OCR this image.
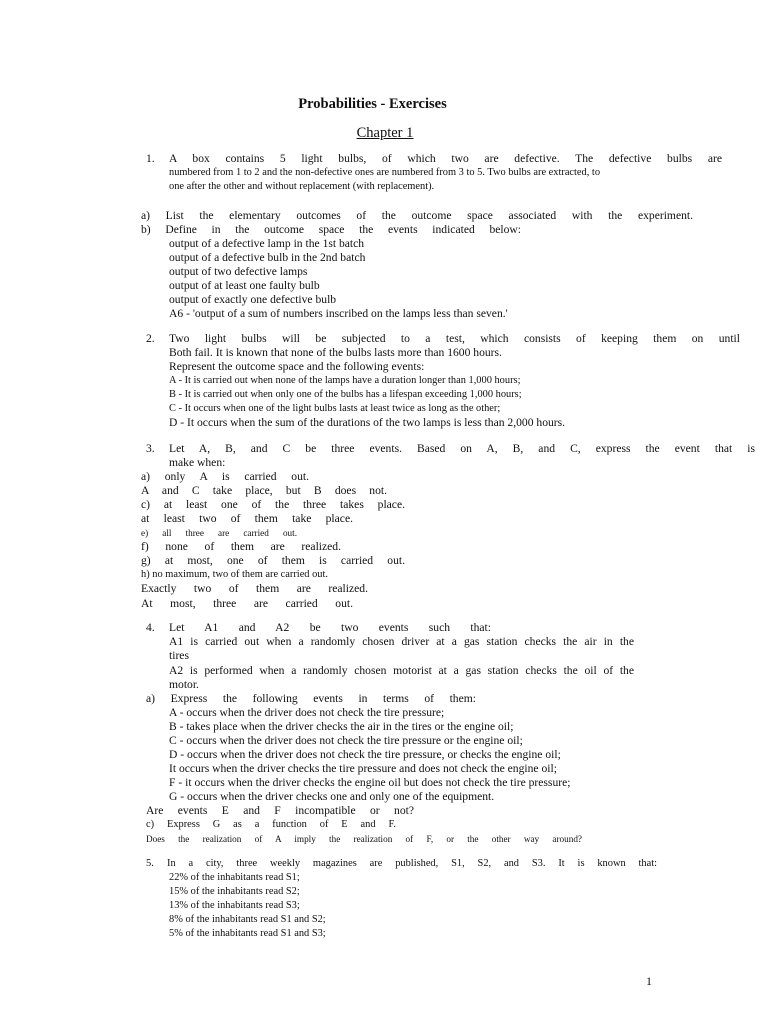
Probabilities - Exercises
Chapter 1
1. A box contains 5 light bulbs, of which two are defective. The defective bulbs are
numbered from 1 to 2 and the non-defective ones are numbered from 3 to 5. Two bulbs are extracted, to
one after the other and without replacement (with replacement).
a) List the elementary outcomes of the outcome space associated with the experiment.
b) Define in the outcome space the events indicated below:
output of a defective lamp in the 1st batch
output of a defective bulb in the 2nd batch
output of two defective lamps
output of at least one faulty bulb
output of exactly one defective bulb
A6 - 'output of a sum of numbers inscribed on the lamps less than seven.'
2. Two light bulbs will be subjected to a test, which consists of keeping them on until
Both fail. It is known that none of the bulbs lasts more than 1600 hours.
Represent the outcome space and the following events:
A - It is carried out when none of the lamps have a duration longer than 1,000 hours;
B - It is carried out when only one of the bulbs has a lifespan exceeding 1,000 hours;
C - It occurs when one of the light bulbs lasts at least twice as long as the other;
D - It occurs when the sum of the durations of the two lamps is less than 2,000 hours.
3. Let A, B, and C be three events. Based on A, B, and C, express the event that is
make when:
a) only A is carried out.
A and C take place, but B does not.
c) at least one of the three takes place.
at least two of them take place.
e) all three are carried out.
f) none of them are realized.
g) at most, one of them is carried out.
h) no maximum, two of them are carried out.
Exactly two of them are realized.
At most, three are carried out.
4. Let A1 and A2 be two events such that:
A1 is carried out when a randomly chosen driver at a gas station checks the air in the
tires
A2 is performed when a randomly chosen motorist at a gas station checks the oil of the
motor.
a) Express the following events in terms of them:
A - occurs when the driver does not check the tire pressure;
B - takes place when the driver checks the air in the tires or the engine oil;
C - occurs when the driver does not check the tire pressure or the engine oil;
D - occurs when the driver does not check the tire pressure, or checks the engine oil;
It occurs when the driver checks the tire pressure and does not check the engine oil;
F - it occurs when the driver checks the engine oil but does not check the tire pressure;
G - occurs when the driver checks one and only one of the equipment.
Are events E and F incompatible or not?
c) Express G as a function of E and F.
Does the realization of A imply the realization of F, or the other way around?
5. In a city, three weekly magazines are published, S1, S2, and S3. It is known that:
22% of the inhabitants read S1;
15% of the inhabitants read S2;
13% of the inhabitants read S3;
8% of the inhabitants read S1 and S2;
5% of the inhabitants read S1 and S3;
1
